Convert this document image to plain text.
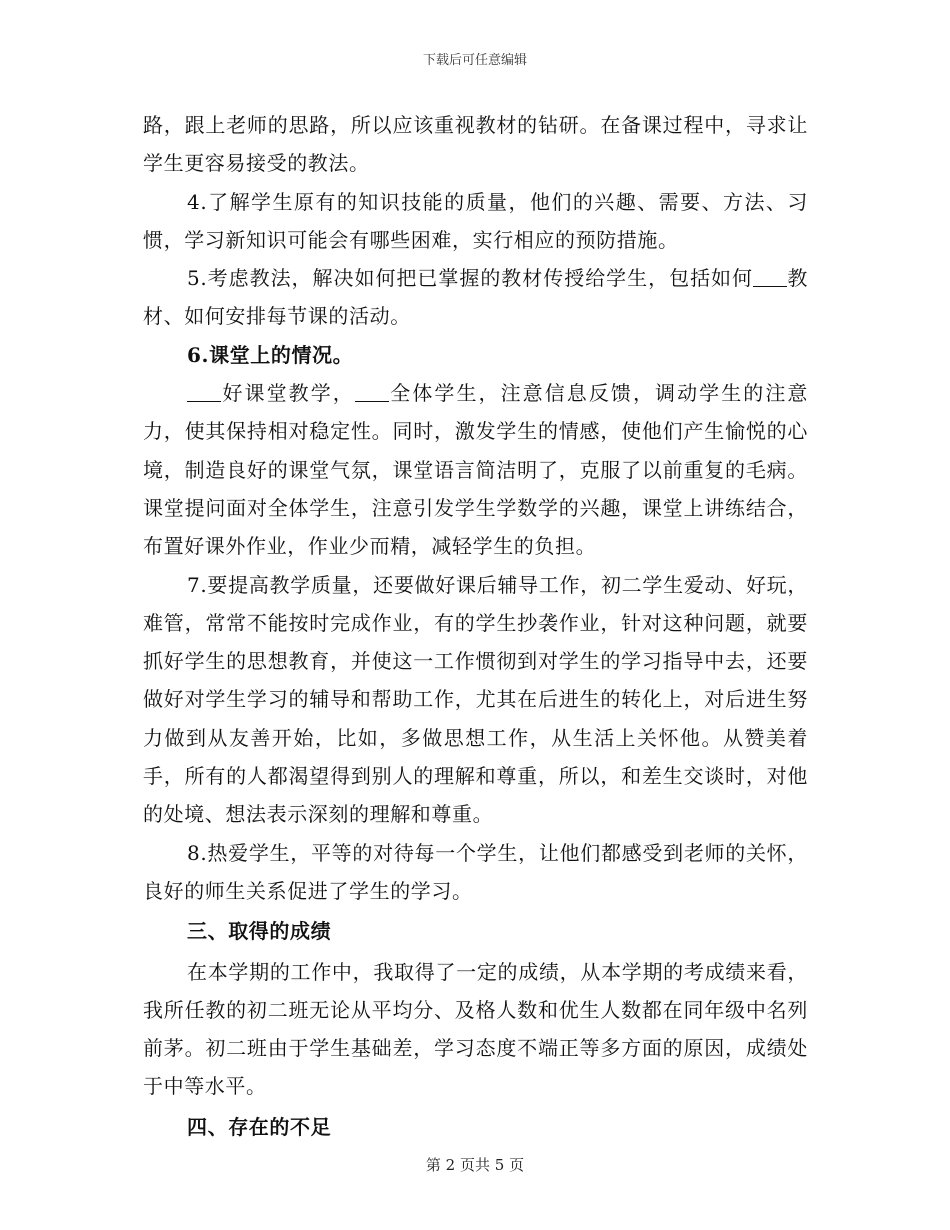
下载后可任意编辑

路，跟上老师的思路，所以应该重视教材的钻研。在备课过程中，寻求让学生更容易接受的教法。

4.了解学生原有的知识技能的质量，他们的兴趣、需要、方法、习惯，学习新知识可能会有哪些困难，实行相应的预防措施。

5.考虑教法，解决如何把已掌握的教材传授给学生，包括如何 教材、如何安排每节课的活动。

6.课堂上的情况。

好课堂教学， 全体学生，注意信息反馈，调动学生的注意力，使其保持相对稳定性。同时，激发学生的情感，使他们产生愉悦的心境，制造良好的课堂气氛，课堂语言简洁明了，克服了以前重复的毛病。课堂提问面对全体学生，注意引发学生学数学的兴趣，课堂上讲练结合，布置好课外作业，作业少而精，减轻学生的负担。

7.要提高教学质量，还要做好课后辅导工作，初二学生爱动、好玩，难管，常常不能按时完成作业，有的学生抄袭作业，针对这种问题，就要抓好学生的思想教育，并使这一工作惯彻到对学生的学习指导中去，还要做好对学生学习的辅导和帮助工作，尤其在后进生的转化上，对后进生努力做到从友善开始，比如，多做思想工作，从生活上关怀他。从赞美着手，所有的人都渴望得到别人的理解和尊重，所以，和差生交谈时，对他的处境、想法表示深刻的理解和尊重。

8.热爱学生，平等的对待每一个学生，让他们都感受到老师的关怀，良好的师生关系促进了学生的学习。

三、取得的成绩

在本学期的工作中，我取得了一定的成绩，从本学期的考成绩来看，我所任教的初二班无论从平均分、及格人数和优生人数都在同年级中名列前茅。初二班由于学生基础差，学习态度不端正等多方面的原因，成绩处于中等水平。

四、存在的不足

第 2 页共 5 页
